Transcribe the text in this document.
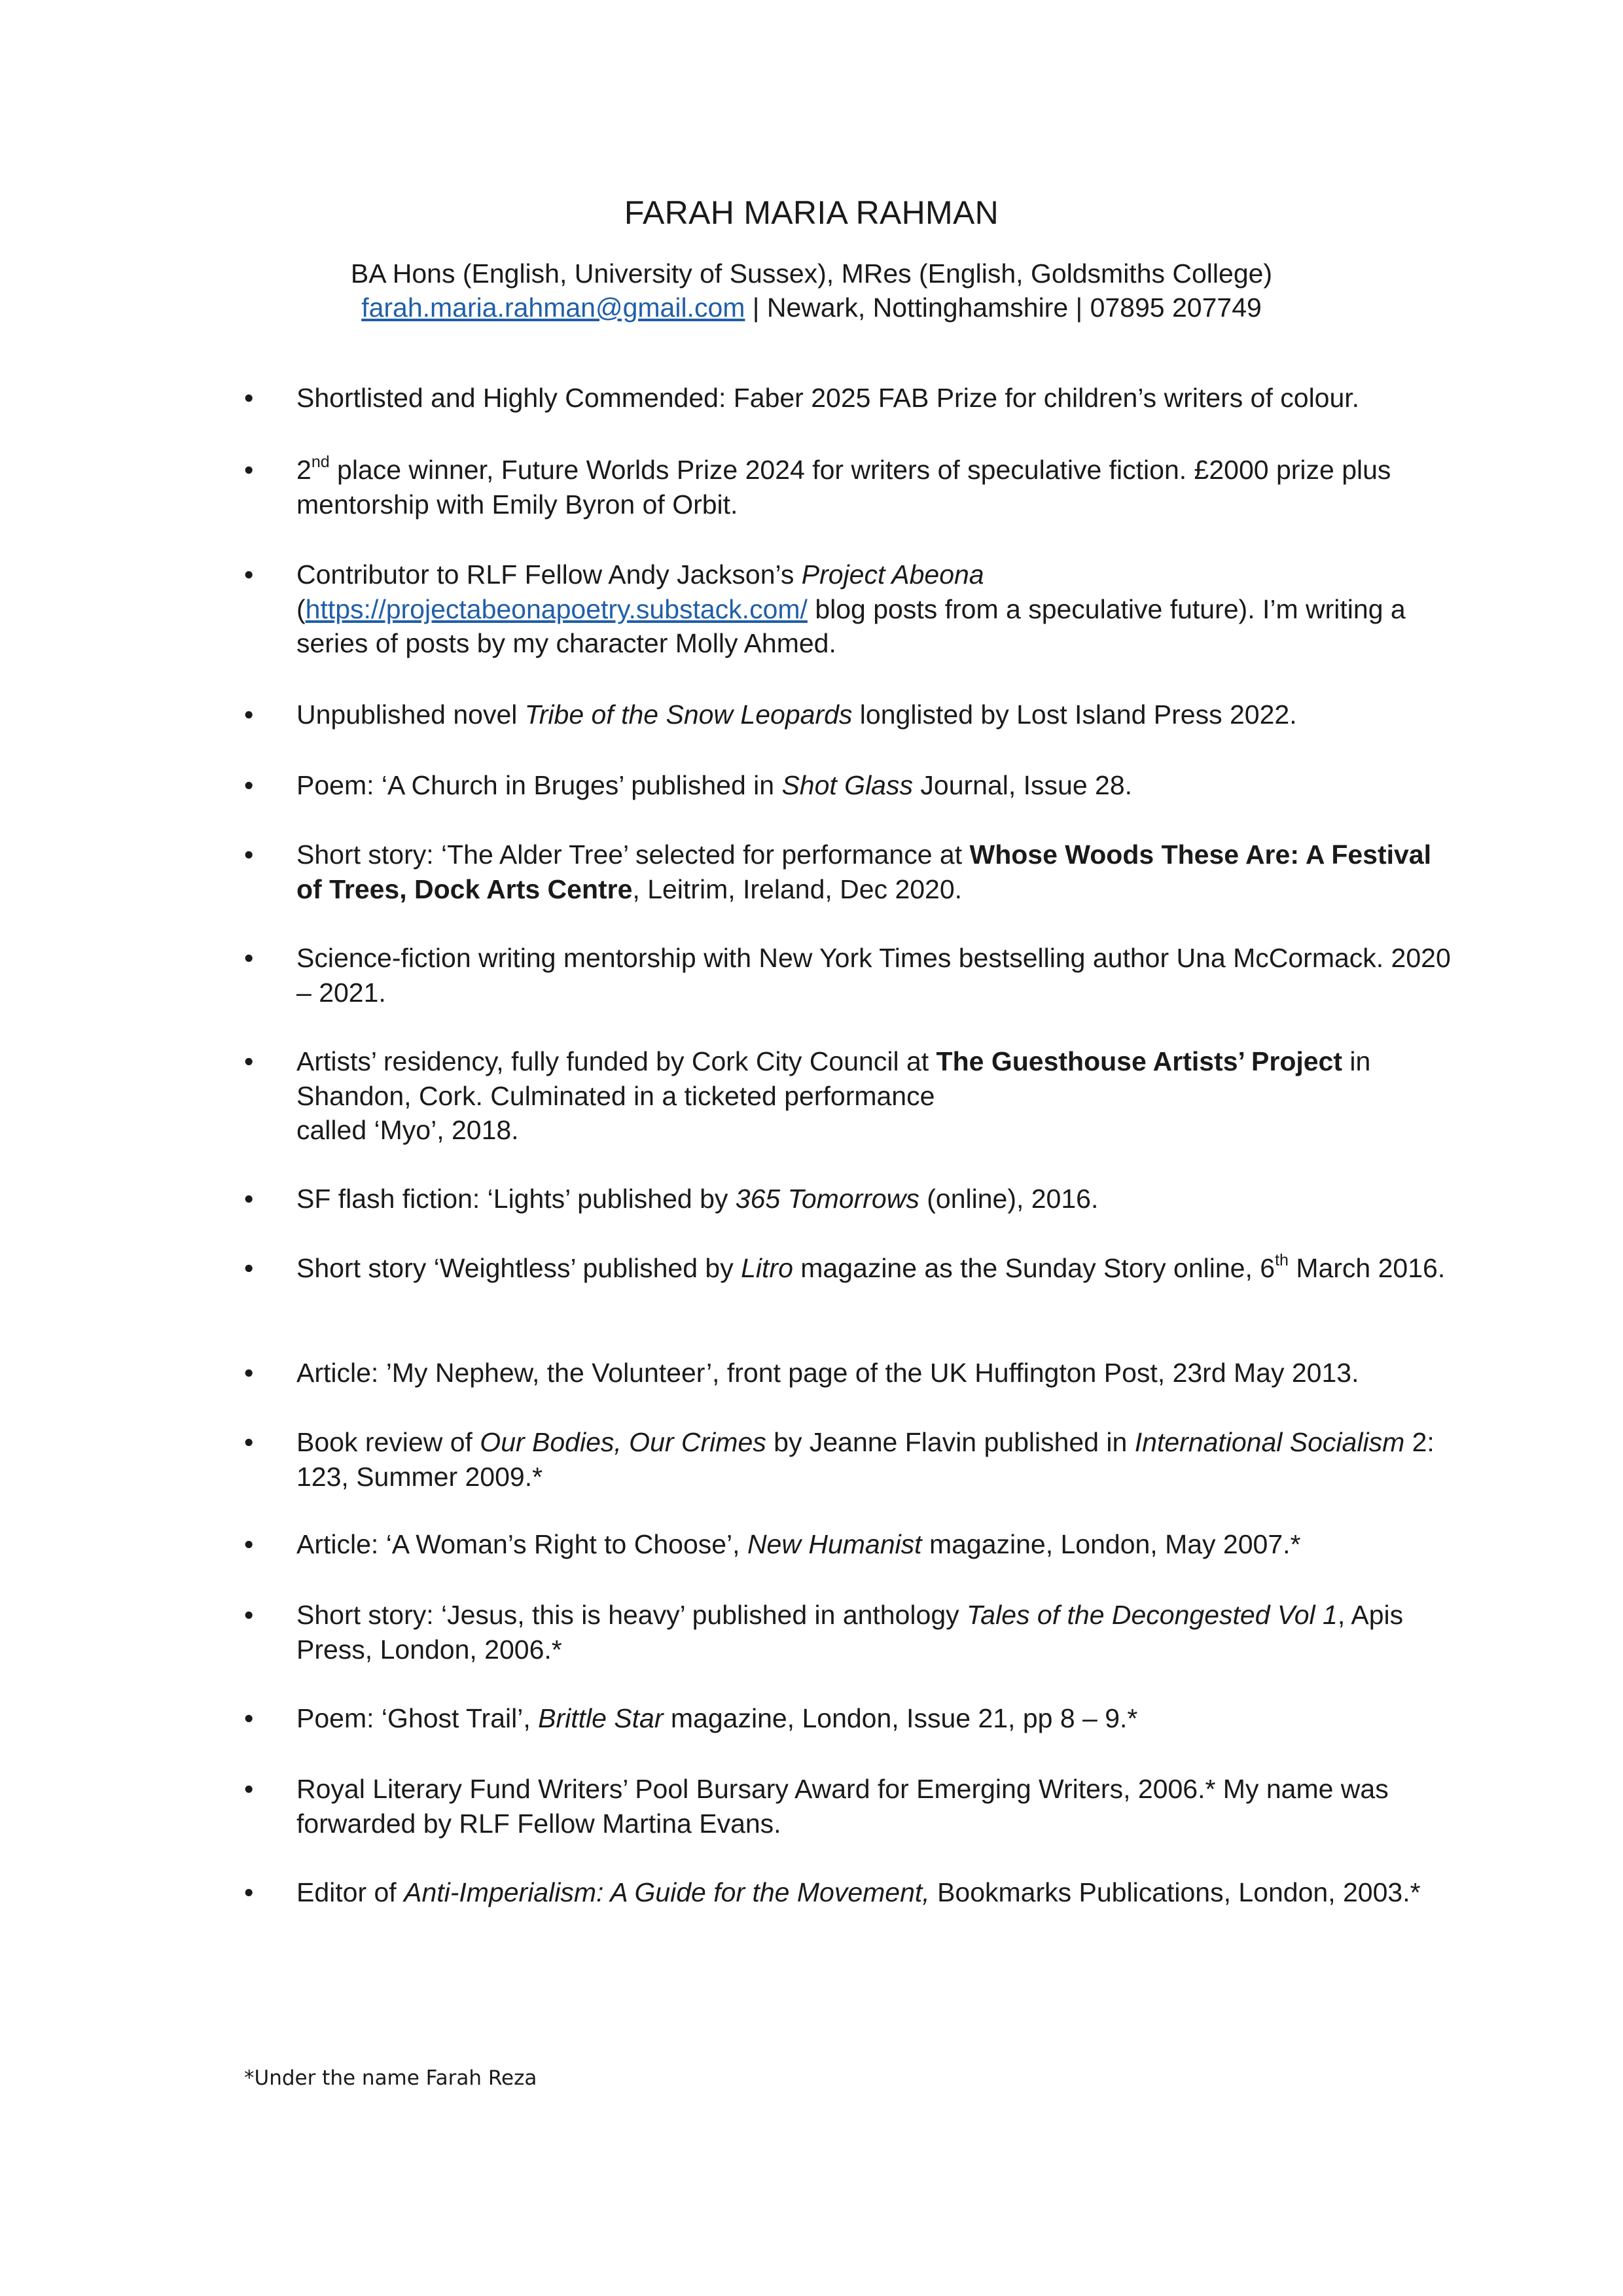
FARAH MARIA RAHMAN
BA Hons (English, University of Sussex), MRes (English, Goldsmiths College)
farah.maria.rahman@gmail.com | Newark, Nottinghamshire | 07895 207749
•	Shortlisted and Highly Commended: Faber 2025 FAB Prize for children’s writers of colour.
•	2nd place winner, Future Worlds Prize 2024 for writers of speculative fiction. £2000 prize plus mentorship with Emily Byron of Orbit.
•	Contributor to RLF Fellow Andy Jackson’s Project Abeona
(https://projectabeonapoetry.substack.com/ blog posts from a speculative future). I’m writing a series of posts by my character Molly Ahmed.
•	Unpublished novel Tribe of the Snow Leopards longlisted by Lost Island Press 2022.
•	Poem: ‘A Church in Bruges’ published in Shot Glass Journal, Issue 28.
•	Short story: ‘The Alder Tree’ selected for performance at Whose Woods These Are: A Festival of Trees, Dock Arts Centre, Leitrim, Ireland, Dec 2020.
•	Science-fiction writing mentorship with New York Times bestselling author Una McCormack. 2020 – 2021.
•	Artists’ residency, fully funded by Cork City Council at The Guesthouse Artists’ Project in Shandon, Cork. Culminated in a ticketed performance
called ‘Myo’, 2018.
•	SF flash fiction: ‘Lights’ published by 365 Tomorrows (online), 2016.
•	Short story ‘Weightless’ published by Litro magazine as the Sunday Story online, 6th March 2016.
•	Article: ’My Nephew, the Volunteer’, front page of the UK Huffington Post, 23rd May 2013.
•	Book review of Our Bodies, Our Crimes by Jeanne Flavin published in International Socialism 2: 123, Summer 2009.*
•	Article: ‘A Woman’s Right to Choose’, New Humanist magazine, London, May 2007.*
•	Short story: ‘Jesus, this is heavy’ published in anthology Tales of the Decongested Vol 1, Apis Press, London, 2006.*
•	Poem: ‘Ghost Trail’, Brittle Star magazine, London, Issue 21, pp 8 – 9.*
•	Royal Literary Fund Writers’ Pool Bursary Award for Emerging Writers, 2006.* My name was forwarded by RLF Fellow Martina Evans.
•	Editor of Anti-Imperialism: A Guide for the Movement, Bookmarks Publications, London, 2003.*
*Under the name Farah Reza
